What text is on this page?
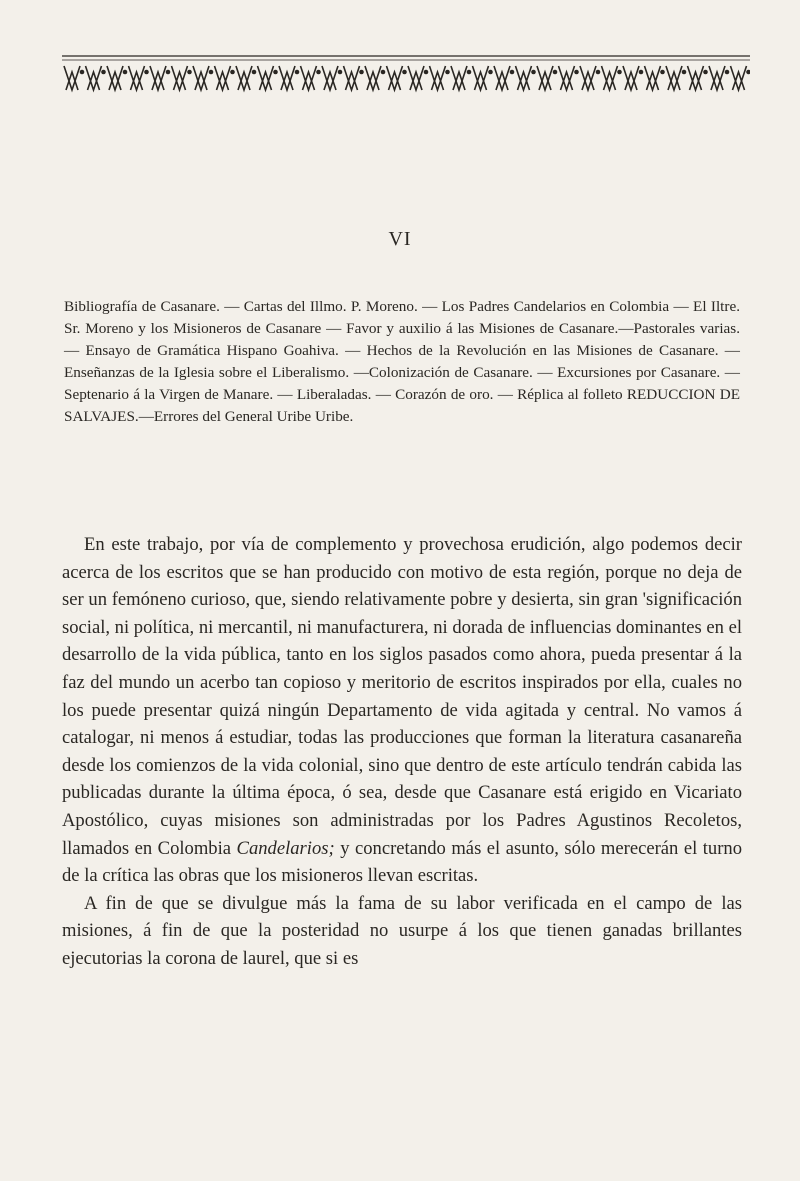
VI
Bibliografía de Casanare. — Cartas del Illmo. P. Moreno. — Los Padres Candelarios en Colombia — El Iltre. Sr. Moreno y los Misioneros de Casanare — Favor y auxilio á las Misiones de Casanare.—Pastorales varias. — Ensayo de Gramática Hispano Goahiva. — Hechos de la Revolución en las Misiones de Casanare. — Enseñanzas de la Iglesia sobre el Liberalismo. —Colonización de Casanare. — Excursiones por Casanare. — Septenario á la Virgen de Manare. — Liberaladas. — Corazón de oro. — Réplica al folleto REDUCCION DE SALVAJES.—Errores del General Uribe Uribe.

En este trabajo, por vía de complemento y provechosa erudición, algo podemos decir acerca de los escritos que se han producido con motivo de esta región, porque no deja de ser un femóneno curioso, que, siendo relativamente pobre y desierta, sin gran 'significación social, ni política, ni mercantil, ni manufacturera, ni dorada de influencias dominantes en el desarrollo de la vida pública, tanto en los siglos pasados como ahora, pueda presentar á la faz del mundo un acerbo tan copioso y meritorio de escritos inspirados por ella, cuales no los puede presentar quizá ningún Departamento de vida agitada y central. No vamos á catalogar, ni menos á estudiar, todas las producciones que forman la literatura casanareña desde los comienzos de la vida colonial, sino que dentro de este artículo tendrán cabida las publicadas durante la última época, ó sea, desde que Casanare está erigido en Vicariato Apostólico, cuyas misiones son administradas por los Padres Agustinos Recoletos, llamados en Colombia Candelarios; y concretando más el asunto, sólo merecerán el turno de la crítica las obras que los misioneros llevan escritas.

A fin de que se divulgue más la fama de su labor verificada en el campo de las misiones, á fin de que la posteridad no usurpe á los que tienen ganadas brillantes ejecutorias la corona de laurel, que si es
